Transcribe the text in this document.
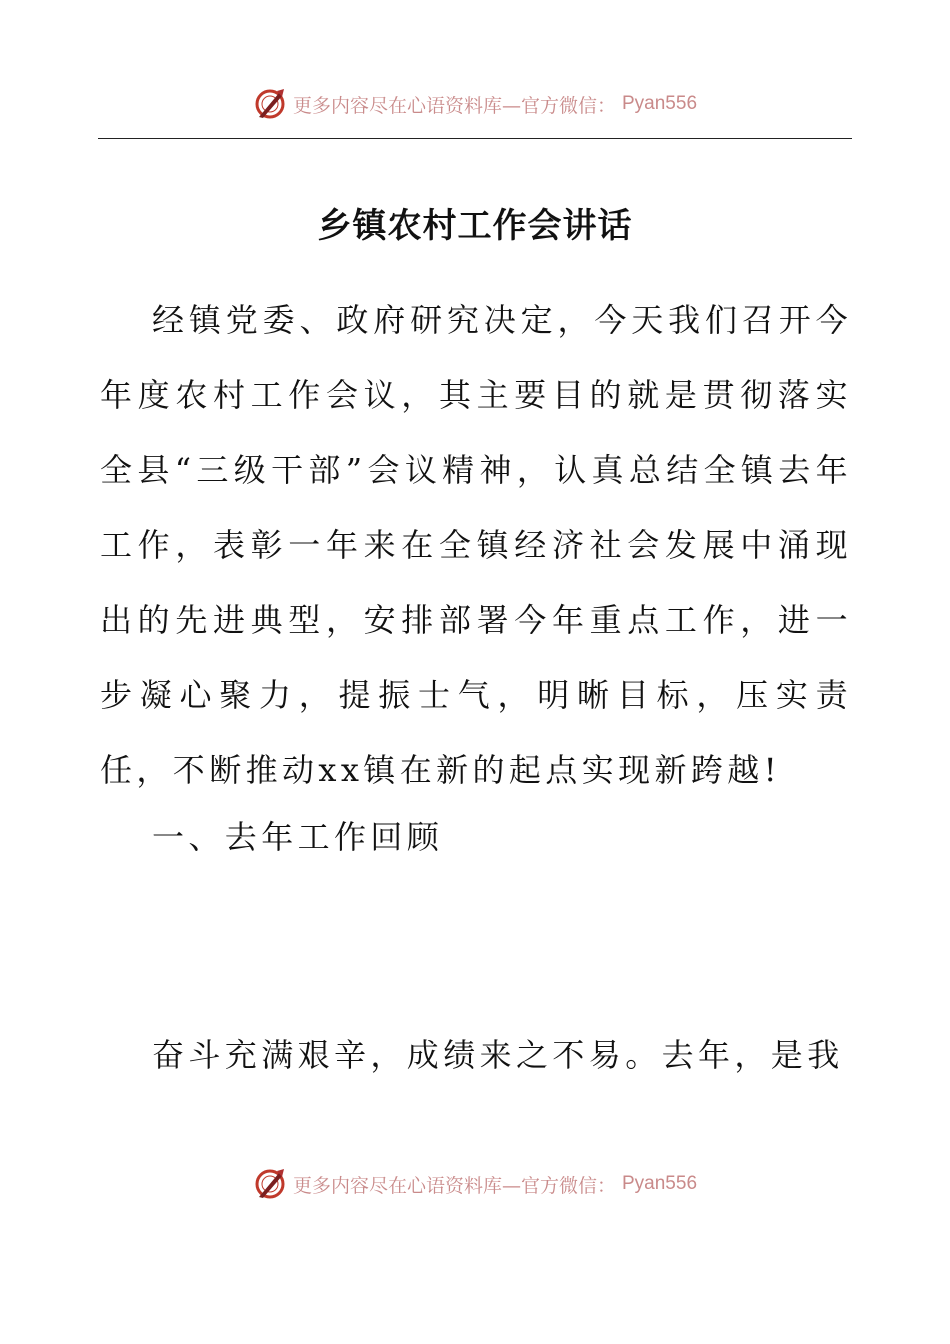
更多内容尽在心语资料库—官方微信： Pyan556
乡镇农村工作会讲话

经镇党委、政府研究决定，今天我们召开今年度农村工作会议，其主要目的就是贯彻落实全县“三级干部”会议精神，认真总结全镇去年工作，表彰一年来在全镇经济社会发展中涌现出的先进典型，安排部署今年重点工作，进一步凝心聚力，提振士气，明晰目标，压实责任，不断推动xx镇在新的起点实现新跨越!

一、去年工作回顾

奋斗充满艰辛，成绩来之不易。去年，是我

更多内容尽在心语资料库—官方微信： Pyan556
